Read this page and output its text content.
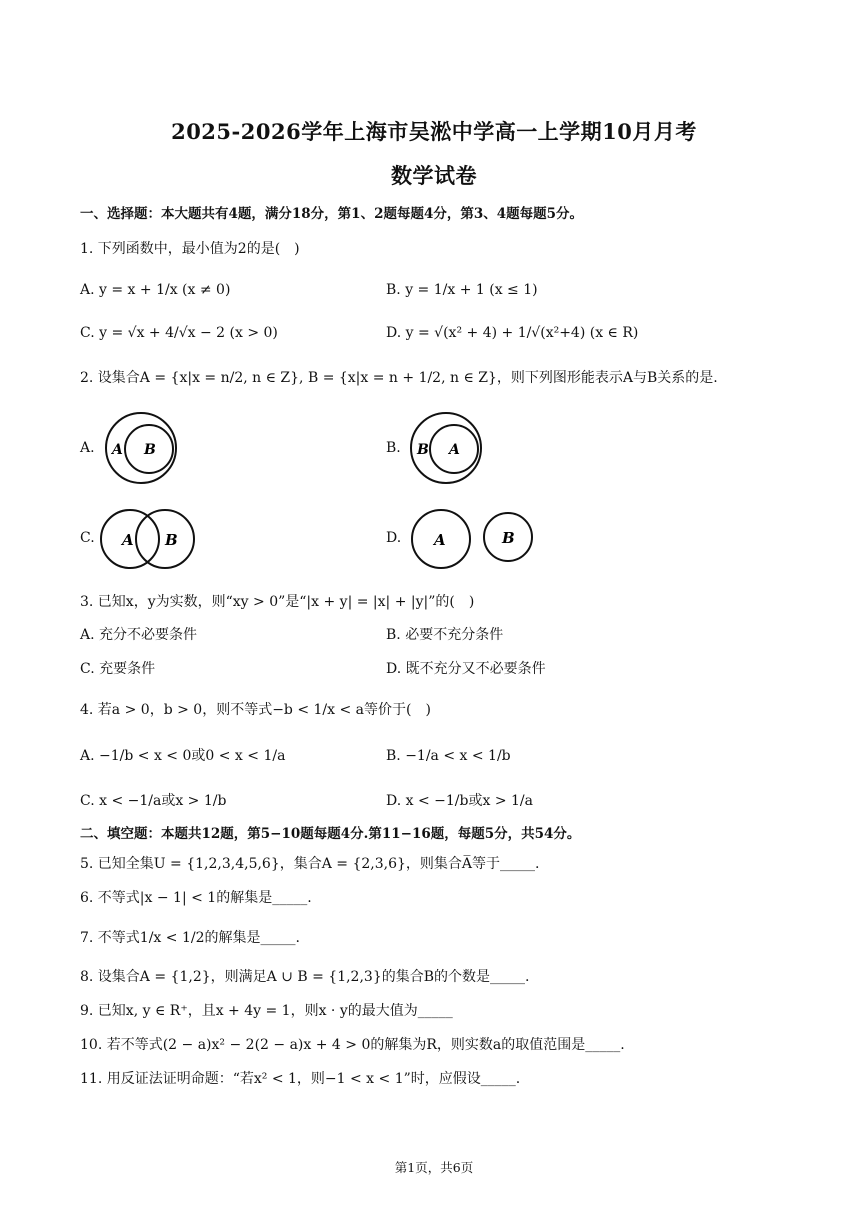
2025-2026学年上海市吴淞中学高一上学期10月月考
数学试卷
一、选择题：本大题共有4题，满分18分，第1、2题每题4分，第3、4题每题5分。
1. 下列函数中，最小值为2的是(　)
A. y = x + 1/x (x ≠ 0)	B. y = 1/x + 1 (x ≤ 1)
C. y = √x + 4/√x − 2 (x > 0)	D. y = √(x² + 4) + 1/√(x²+4) (x ∈ R)
2. 设集合A = {x|x = n/2, n ∈ Z}, B = {x|x = n + 1/2, n ∈ Z}，则下列图形能表示A与B关系的是.
A. A B	B. B A
C. A B	D. A	B
3. 已知x，y为实数，则“xy > 0”是“|x + y| = |x| + |y|”的(　)
A. 充分不必要条件	B. 必要不充分条件
C. 充要条件	D. 既不充分又不必要条件
4. 若a > 0，b > 0，则不等式−b < 1/x < a等价于(　)
A. −1/b < x < 0或0 < x < 1/a	B. −1/a < x < 1/b
C. x < −1/a或x > 1/b	D. x < −1/b或x > 1/a
二、填空题：本题共12题，第5−10题每题4分.第11−16题，每题5分，共54分。
5. 已知全集U = {1,2,3,4,5,6}，集合A = {2,3,6}，则集合A̅等于_____.
6. 不等式|x − 1| < 1的解集是_____.
7. 不等式1/x < 1/2的解集是_____.
8. 设集合A = {1,2}，则满足A ∪ B = {1,2,3}的集合B的个数是_____.
9. 已知x, y ∈ R⁺，且x + 4y = 1，则x · y的最大值为_____
10. 若不等式(2 − a)x² − 2(2 − a)x + 4 > 0的解集为R，则实数a的取值范围是_____.
11. 用反证法证明命题：“若x² < 1，则−1 < x < 1”时，应假设_____.
第1页，共6页
